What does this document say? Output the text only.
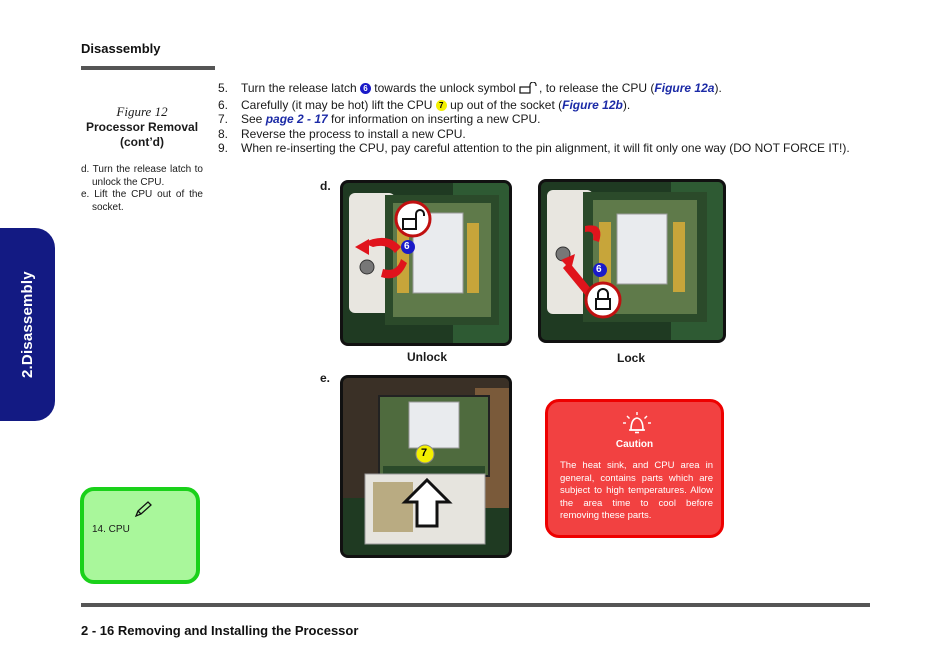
Disassembly
2.Disassembly
Figure 12
Processor Removal
(cont’d)
d. Turn the release latch to unlock the CPU.
e. Lift the CPU out of the socket.
5. Turn the release latch 6 towards the unlock symbol , to release the CPU (Figure 12a).
6. Carefully (it may be hot) lift the CPU 7 up out of the socket (Figure 12b).
7. See page 2 - 17 for information on inserting a new CPU.
8. Reverse the process to install a new CPU.
9. When re-inserting the CPU, pay careful attention to the pin alignment, it will fit only one way (DO NOT FORCE IT!).
d.
e.
6
Unlock
6
Lock
7
14. CPU
Caution
The heat sink, and CPU area in general, contains parts which are subject to high temperatures. Allow the area time to cool before removing these parts.
2 - 16 Removing and Installing the Processor
